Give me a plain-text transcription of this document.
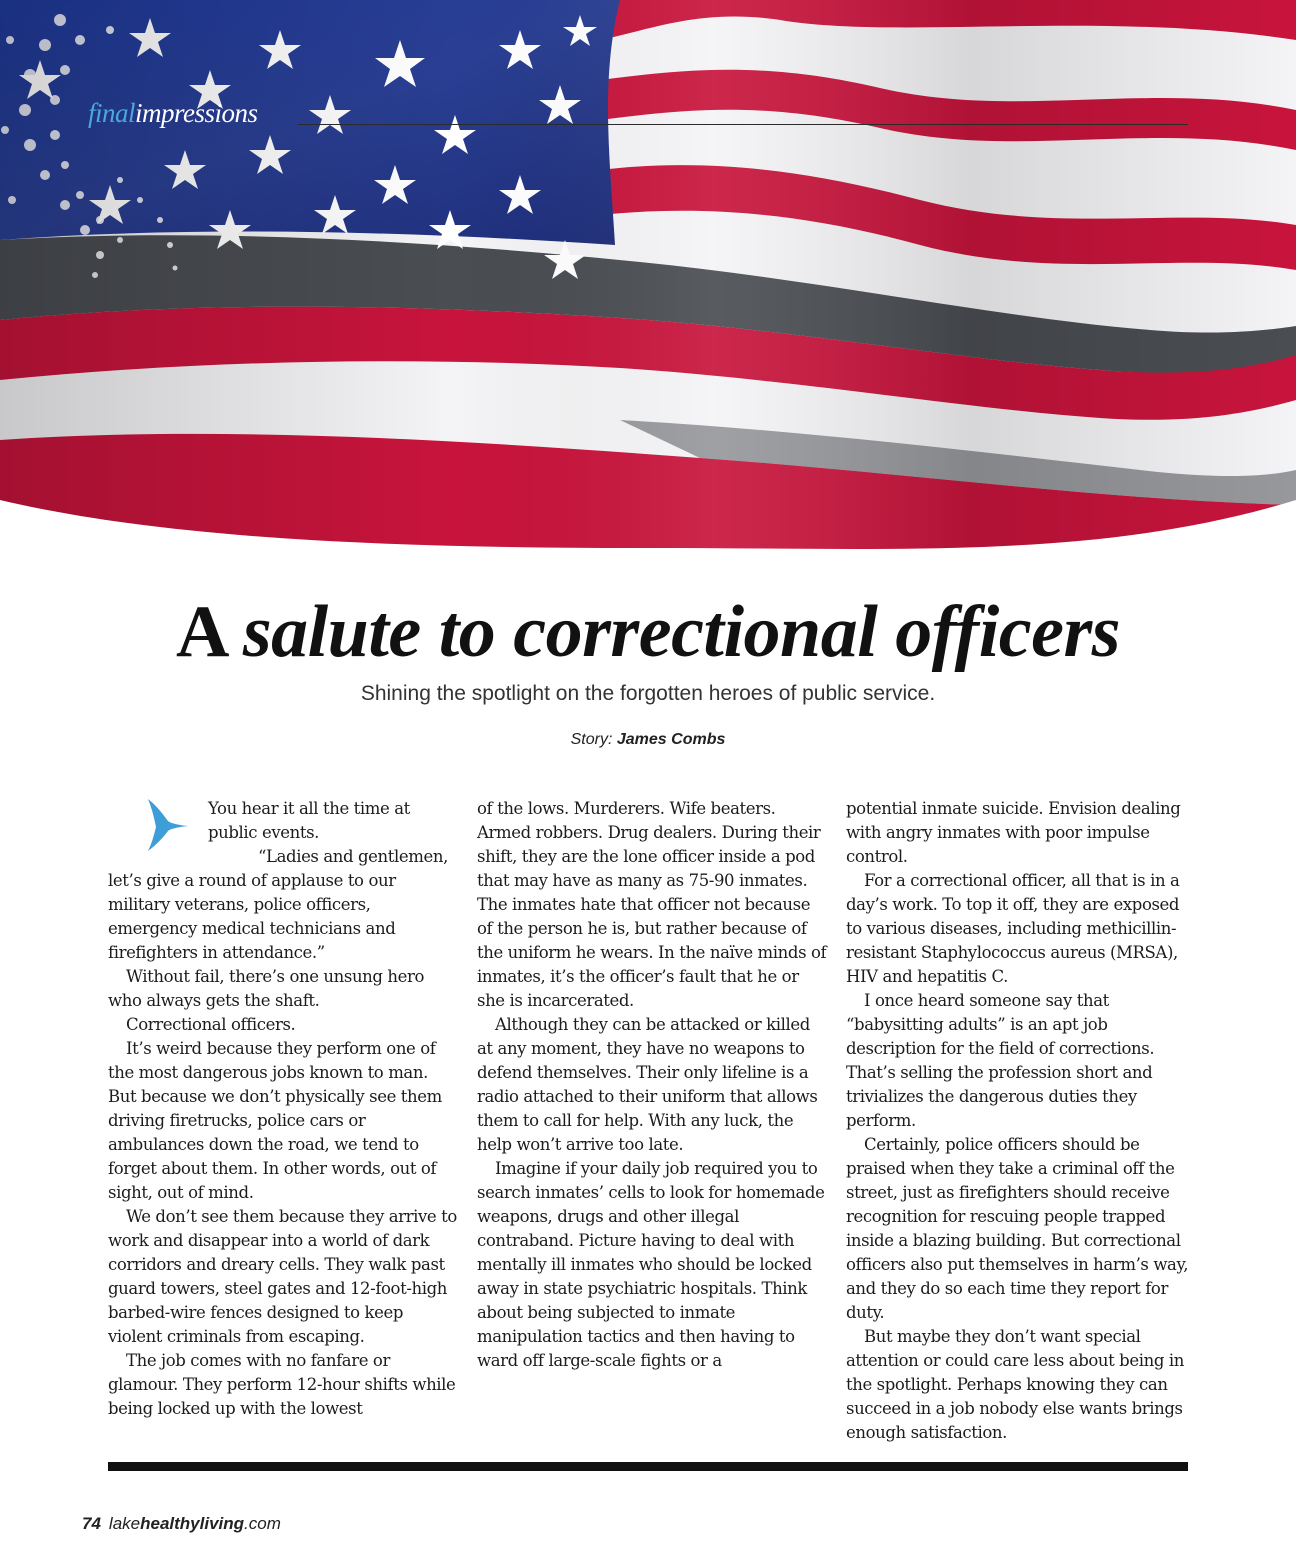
finalimpressions
A salute to correctional officers
Shining the spotlight on the forgotten heroes of public service.
Story: James Combs

You hear it all the time at public events.

“Ladies and gentlemen, let’s give a round of applause to our military veterans, police officers, emergency medical technicians and firefighters in attendance.”

Without fail, there’s one unsung hero who always gets the shaft.

Correctional officers.

It’s weird because they perform one of the most dangerous jobs known to man. But because we don’t physically see them driving firetrucks, police cars or ambulances down the road, we tend to forget about them. In other words, out of sight, out of mind.

We don’t see them because they arrive to work and disappear into a world of dark corridors and dreary cells. They walk past guard towers, steel gates and 12-foot-high barbed-wire fences designed to keep violent criminals from escaping.

The job comes with no fanfare or glamour. They perform 12-hour shifts while being locked up with the lowest

of the lows. Murderers. Wife beaters. Armed robbers. Drug dealers. During their shift, they are the lone officer inside a pod that may have as many as 75-90 inmates. The inmates hate that officer not because of the person he is, but rather because of the uniform he wears. In the naïve minds of inmates, it’s the officer’s fault that he or she is incarcerated.

Although they can be attacked or killed at any moment, they have no weapons to defend themselves. Their only lifeline is a radio attached to their uniform that allows them to call for help. With any luck, the help won’t arrive too late.

Imagine if your daily job required you to search inmates’ cells to look for homemade weapons, drugs and other illegal contraband. Picture having to deal with mentally ill inmates who should be locked away in state psychiatric hospitals. Think about being subjected to inmate manipulation tactics and then having to ward off large-scale fights or a

potential inmate suicide. Envision dealing with angry inmates with poor impulse control.

For a correctional officer, all that is in a day’s work. To top it off, they are exposed to various diseases, including methicillin-resistant Staphylococcus aureus (MRSA), HIV and hepatitis C.

I once heard someone say that “babysitting adults” is an apt job description for the field of corrections. That’s selling the profession short and trivializes the dangerous duties they perform.

Certainly, police officers should be praised when they take a criminal off the street, just as firefighters should receive recognition for rescuing people trapped inside a blazing building. But correctional officers also put themselves in harm’s way, and they do so each time they report for duty.

But maybe they don’t want special attention or could care less about being in the spotlight. Perhaps knowing they can succeed in a job nobody else wants brings enough satisfaction.

74 lakehealthyliving.com
